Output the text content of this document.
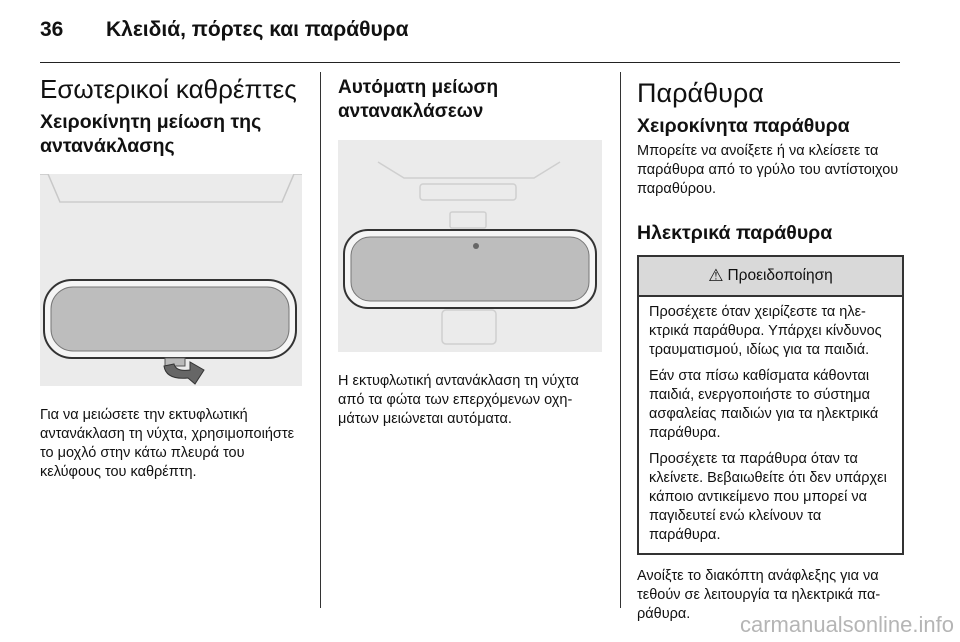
36	Κλειδιά, πόρτες και παράθυρα
Εσωτερικοί καθρέπτες
Χειροκίνητη μείωση της αντανάκλασης

Για να μειώσετε την εκτυφλωτική αντανάκλαση τη νύχτα, χρησιμοποιήστε το μοχλό στην κάτω πλευρά του κελύφους του καθρέπτη.

Αυτόματη μείωση αντανακλάσεων

Η εκτυφλωτική αντανάκλαση τη νύχτα από τα φώτα των επερχόμενων οχημάτων μειώνεται αυτόματα.

Παράθυρα
Χειροκίνητα παράθυρα

Μπορείτε να ανοίξετε ή να κλείσετε τα παράθυρα από το γρύλο του αντίστοιχου παραθύρου.

Ηλεκτρικά παράθυρα
⚠ Προειδοποίηση

Προσέχετε όταν χειρίζεστε τα ηλεκτρικά παράθυρα. Υπάρχει κίνδυνος τραυματισμού, ιδίως για τα παιδιά.

Εάν στα πίσω καθίσματα κάθονται παιδιά, ενεργοποιήστε το σύστημα ασφαλείας παιδιών για τα ηλεκτρικά παράθυρα.

Προσέχετε τα παράθυρα όταν τα κλείνετε. Βεβαιωθείτε ότι δεν υπάρχει κάποιο αντικείμενο που μπορεί να παγιδευτεί ενώ κλείνουν τα παράθυρα.

Ανοίξτε το διακόπτη ανάφλεξης για να τεθούν σε λειτουργία τα ηλεκτρικά παράθυρα.	carmanualsonline.info
